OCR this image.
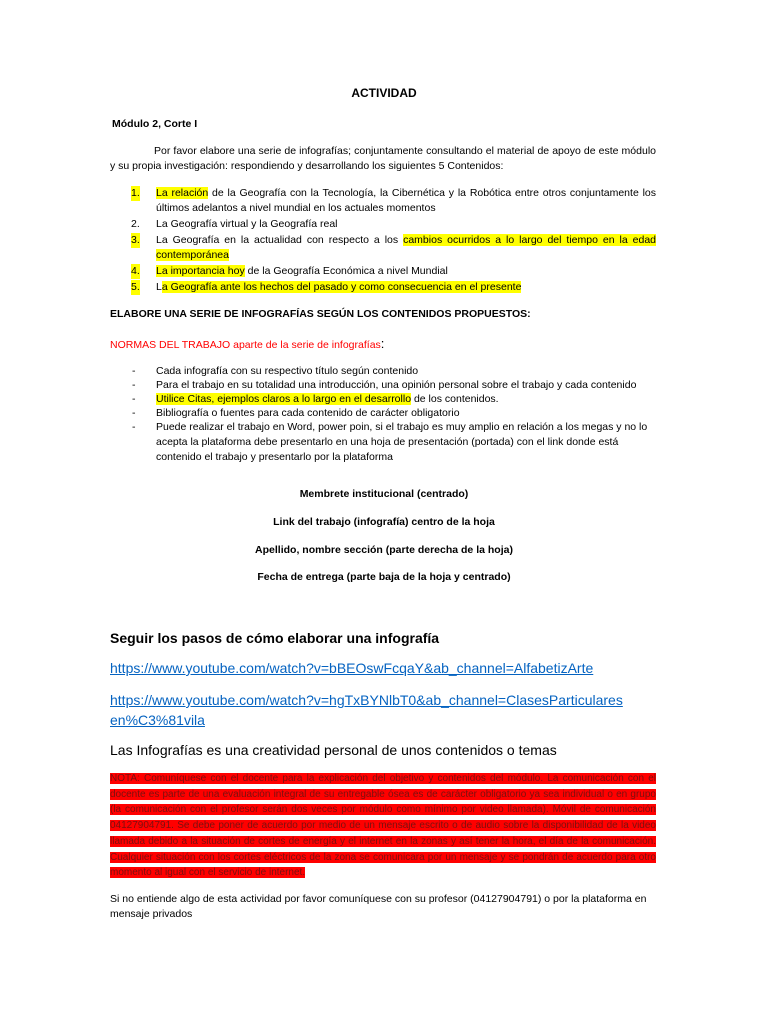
ACTIVIDAD
Módulo 2, Corte I

Por favor elabore una serie de infografías; conjuntamente consultando el material de apoyo de este módulo y su propia investigación: respondiendo y desarrollando los siguientes 5 Contenidos:

1. La relación de la Geografía con la Tecnología, la Cibernética y la Robótica entre otros conjuntamente los últimos adelantos a nivel mundial en los actuales momentos
2. La Geografía virtual y la Geografía real
3. La Geografía en la actualidad con respecto a los cambios ocurridos a lo largo del tiempo en la edad contemporánea
4. La importancia hoy de la Geografía Económica a nivel Mundial
5. La Geografía ante los hechos del pasado y como consecuencia en el presente
ELABORE UNA SERIE DE INFOGRAFÍAS SEGÚN LOS CONTENIDOS PROPUESTOS:
NORMAS DEL TRABAJO aparte de la serie de infografías:
- Cada infografía con su respectivo título según contenido
- Para el trabajo en su totalidad una introducción, una opinión personal sobre el trabajo y cada contenido
- Utilice Citas, ejemplos claros a lo largo en el desarrollo de los contenidos.
- Bibliografía o fuentes para cada contenido de carácter obligatorio
- Puede realizar el trabajo en Word, power poin, si el trabajo es muy amplio en relación a los megas y no lo acepta la plataforma debe presentarlo en una hoja de presentación (portada) con el link donde está contenido el trabajo y presentarlo por la plataforma
Membrete institucional (centrado)
Link del trabajo (infografía) centro de la hoja
Apellido, nombre sección (parte derecha de la hoja)
Fecha de entrega (parte baja de la hoja y centrado)
Seguir los pasos de cómo elaborar una infografía
https://www.youtube.com/watch?v=bBEOswFcqaY&ab_channel=AlfabetizArte
https://www.youtube.com/watch?v=hgTxBYNlbT0&ab_channel=ClasesParticularesen%C3%81vila
Las Infografías es una creatividad personal de unos contenidos o temas
NOTA: Comuníquese con el docente para la explicación del objetivo y contenidos del módulo. La comunicación con el docente es parte de una evaluación integral de su entregable ósea es de carácter obligatorio ya sea individual o en grupo (la comunicación con el profesor serán dos veces por módulo como mínimo por video llamada). Móvil de comunicación 04127904791. Se debe poner de acuerdo por medio de un mensaje escrito o de audio sobre la disponibilidad de la video llamada debido a la situación de cortes de energía y el internet en la zonas y así tener la hora, el día de la comunicación. Cualquier situación con los cortes eléctricos de la zona se comunicara por un mensaje y se pondrán de acuerdo para otro momento al igual con el servicio de internet.
Si no entiende algo de esta actividad por favor comuníquese con su profesor (04127904791) o por la plataforma en mensaje privados
